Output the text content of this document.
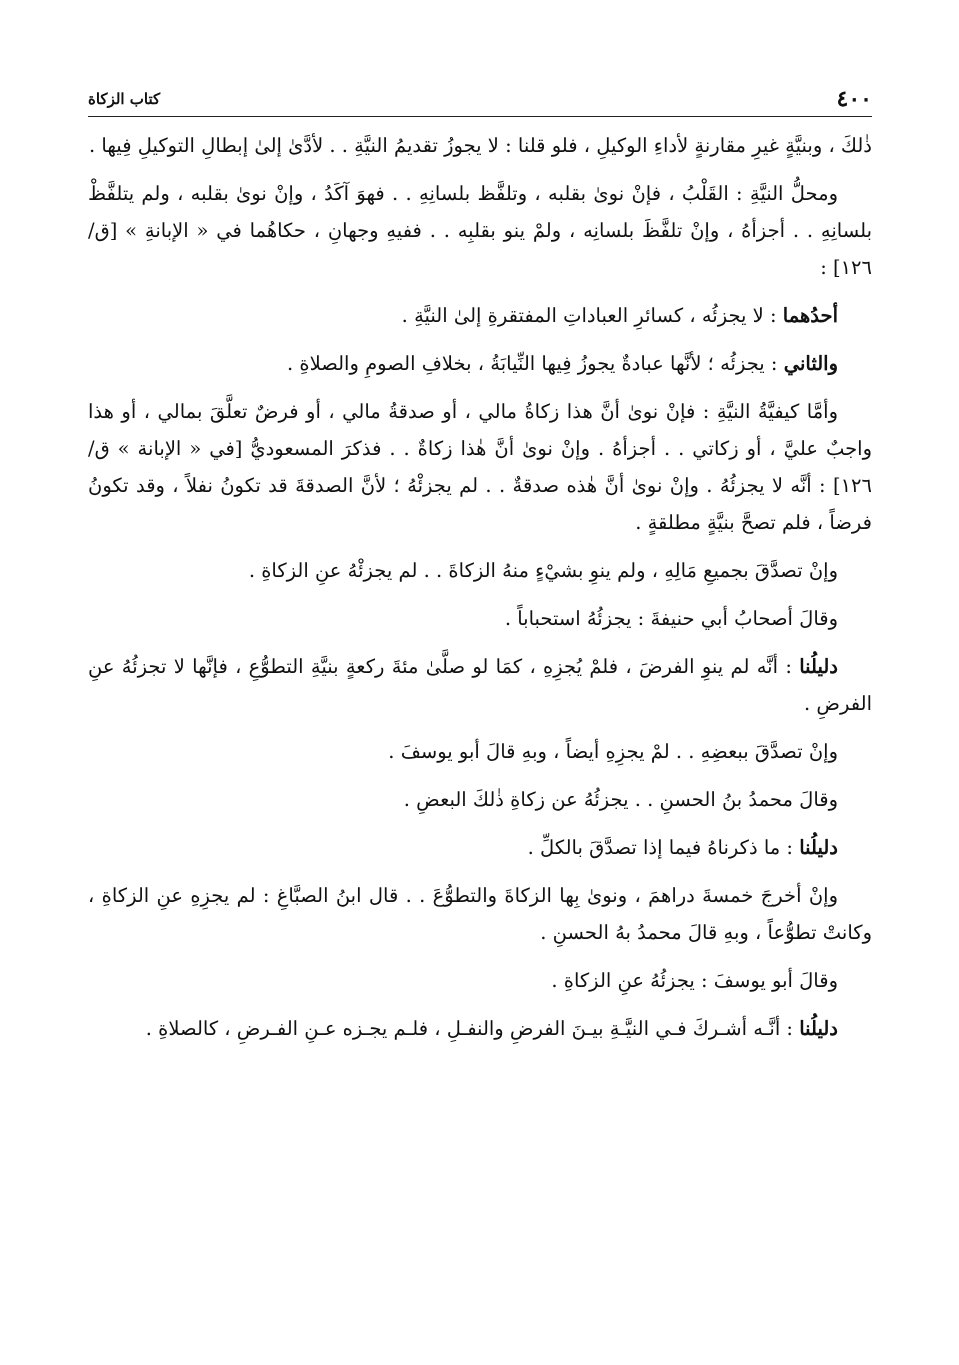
٤٠٠
كتاب الزكاة

ذٰلكَ ، وبنيَّةٍ غيرِ مقارنةٍ لأداءِ الوكيلِ ، فلو قلنا : لا يجوزُ تقديمُ النيَّةِ . . لأدَّىٰ إلىٰ إبطالِ التوكيلِ فِيها .

ومحلُّ النيَّةِ : القَلْبُ ، فإنْ نوىٰ بقلبه ، وتلفَّظ بلسانِهِ . . فهوَ آكَدُ ، وإنْ نوىٰ بقلبه ، ولم يتلفَّظْ بلسانِهِ . . أجزأهُ ، وإنْ تلفَّظَ بلسانِه ، ولمْ ينو بقلبِه . . ففيهِ وجهانِ ، حكاهُما في « الإبانةِ » [ق/١٢٦] :

أحدُهما : لا يجزئُه ، كسائرِ العباداتِ المفتقرةِ إلىٰ النيَّةِ .

والثاني : يجزئُه ؛ لأنَّها عبادةٌ يجوزُ فِيها النِّيابَةُ ، بخلافِ الصومِ والصلاةِ .

وأمَّا كيفيَّةُ النيَّةِ : فإنْ نوىٰ أنَّ هذا زكاةُ مالي ، أو صدقةُ مالي ، أو فرضٌ تعلَّقَ بمالي ، أو هذا واجبٌ عليَّ ، أو زكاتي . . أجزأهُ . وإنْ نوىٰ أنَّ هٰذا زكاةٌ . . فذكرَ المسعوديُّ [في « الإبانة » ق/١٢٦] : أنَّه لا يجزئُهُ . وإنْ نوىٰ أنَّ هٰذه صدقةٌ . . لم يجزئْهُ ؛ لأنَّ الصدقةَ قد تكونُ نفلاً ، وقد تكونُ فرضاً ، فلم تصحَّ بنيَّةٍ مطلقةٍ .

وإنْ تصدَّقَ بجميعِ مَالِهِ ، ولم ينوِ بشيْءٍ منهُ الزكاةَ . . لم يجزئْهُ عنِ الزكاةِ .

وقالَ أصحابُ أبي حنيفةَ : يجزئُهُ استحباباً .

دليلُنا : أنَّه لم ينوِ الفرضَ ، فلمْ يُجزِهِ ، كمَا لو صلَّىٰ مئةَ ركعةٍ بنيَّةِ التطوُّعِ ، فإنَّها لا تجزئُهُ عنِ الفرضِ .

وإنْ تصدَّقَ ببعضِهِ . . لمْ يجزِهِ أيضاً ، وبهِ قالَ أبو يوسفَ .

وقالَ محمدُ بنُ الحسنِ . . يجزئُهُ عن زكاةِ ذٰلكَ البعضِ .

دليلُنا : ما ذكرناهُ فيما إذا تصدَّقَ بالكلِّ .

وإنْ أخرجَ خمسةَ دراهمَ ، ونوىٰ بِها الزكاةَ والتطوُّعَ . . قال ابنُ الصبَّاغِ : لم يجزِهِ عنِ الزكاةِ ، وكانتْ تطوُّعاً ، وبهِ قالَ محمدُ بهُ الحسنِ .

وقالَ أبو يوسفَ : يجزئُهُ عنِ الزكاةِ .

دليلُنا : أنَّـه أشـركَ فـي النيَّـةِ بيـنَ الفرضِ والنفـلِ ، فلـم يجـزه عـنِ الفـرضِ ، كالصلاةِ .
